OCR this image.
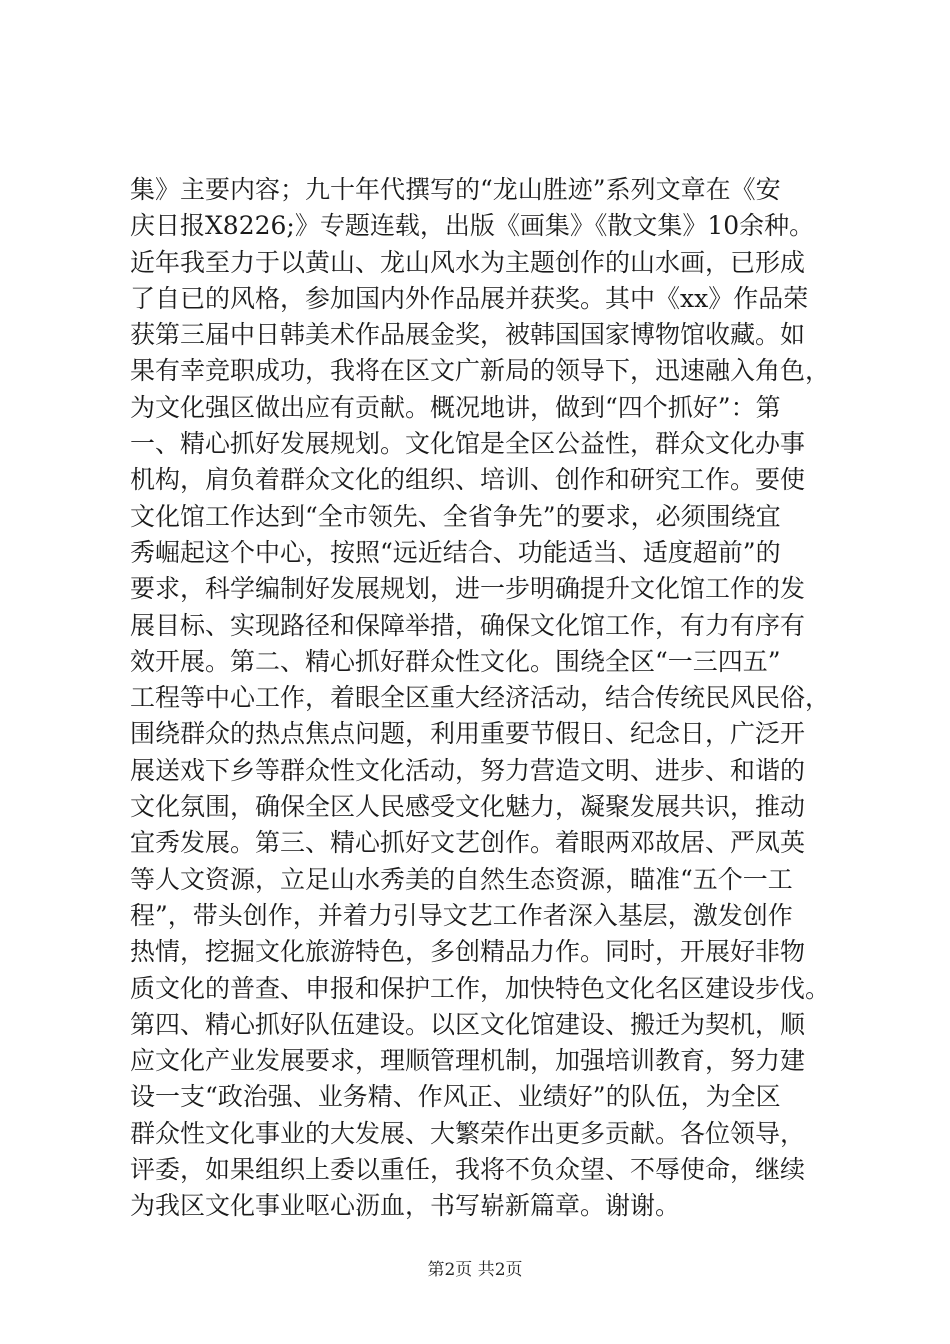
集》主要内容；九十年代撰写的“龙山胜迹”系列文章在《安
庆日报X8226;》专题连载，出版《画集》《散文集》10余种。
近年我至力于以黄山、龙山风水为主题创作的山水画，已形成
了自已的风格，参加国内外作品展并获奖。其中《xx》作品荣
获第三届中日韩美术作品展金奖，被韩国国家博物馆收藏。如
果有幸竞职成功，我将在区文广新局的领导下，迅速融入角色，
为文化强区做出应有贡献。概况地讲，做到“四个抓好”：第
一、精心抓好发展规划。文化馆是全区公益性，群众文化办事
机构，肩负着群众文化的组织、培训、创作和研究工作。要使
文化馆工作达到“全市领先、全省争先”的要求，必须围绕宜
秀崛起这个中心，按照“远近结合、功能适当、适度超前”的
要求，科学编制好发展规划，进一步明确提升文化馆工作的发
展目标、实现路径和保障举措，确保文化馆工作，有力有序有
效开展。第二、精心抓好群众性文化。围绕全区“一三四五”
工程等中心工作，着眼全区重大经济活动，结合传统民风民俗，
围绕群众的热点焦点问题，利用重要节假日、纪念日，广泛开
展送戏下乡等群众性文化活动，努力营造文明、进步、和谐的
文化氛围，确保全区人民感受文化魅力，凝聚发展共识，推动
宜秀发展。第三、精心抓好文艺创作。着眼两邓故居、严凤英
等人文资源，立足山水秀美的自然生态资源，瞄准“五个一工
程”，带头创作，并着力引导文艺工作者深入基层，激发创作
热情，挖掘文化旅游特色，多创精品力作。同时，开展好非物
质文化的普查、申报和保护工作，加快特色文化名区建设步伐。
第四、精心抓好队伍建设。以区文化馆建设、搬迁为契机，顺
应文化产业发展要求，理顺管理机制，加强培训教育，努力建
设一支“政治强、业务精、作风正、业绩好”的队伍，为全区
群众性文化事业的大发展、大繁荣作出更多贡献。各位领导，
评委，如果组织上委以重任，我将不负众望、不辱使命，继续
为我区文化事业呕心沥血，书写崭新篇章。谢谢。
第2页 共2页
